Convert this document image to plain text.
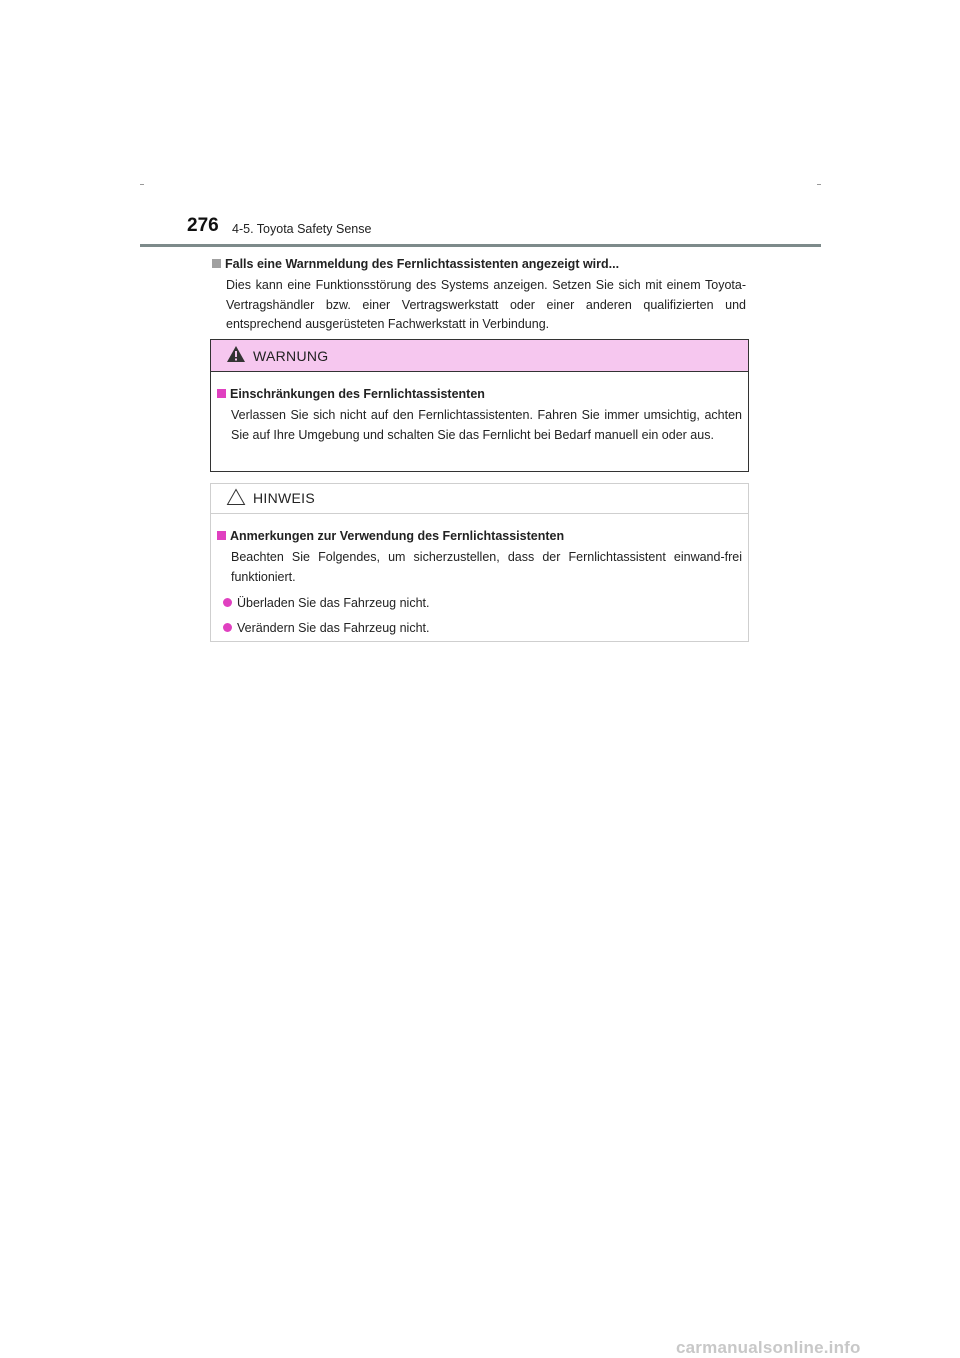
276 4-5. Toyota Safety Sense
Falls eine Warnmeldung des Fernlichtassistenten angezeigt wird...
Dies kann eine Funktionsstörung des Systems anzeigen. Setzen Sie sich mit einem Toyota-Vertragshändler bzw. einer Vertragswerkstatt oder einer anderen qualifizierten und entsprechend ausgerüsteten Fachwerkstatt in Verbindung.
WARNUNG
Einschränkungen des Fernlichtassistenten
Verlassen Sie sich nicht auf den Fernlichtassistenten. Fahren Sie immer umsichtig, achten Sie auf Ihre Umgebung und schalten Sie das Fernlicht bei Bedarf manuell ein oder aus.
HINWEIS
Anmerkungen zur Verwendung des Fernlichtassistenten
Beachten Sie Folgendes, um sicherzustellen, dass der Fernlichtassistent einwand-frei funktioniert.
Überladen Sie das Fahrzeug nicht.
Verändern Sie das Fahrzeug nicht.
carmanualsonline.info
